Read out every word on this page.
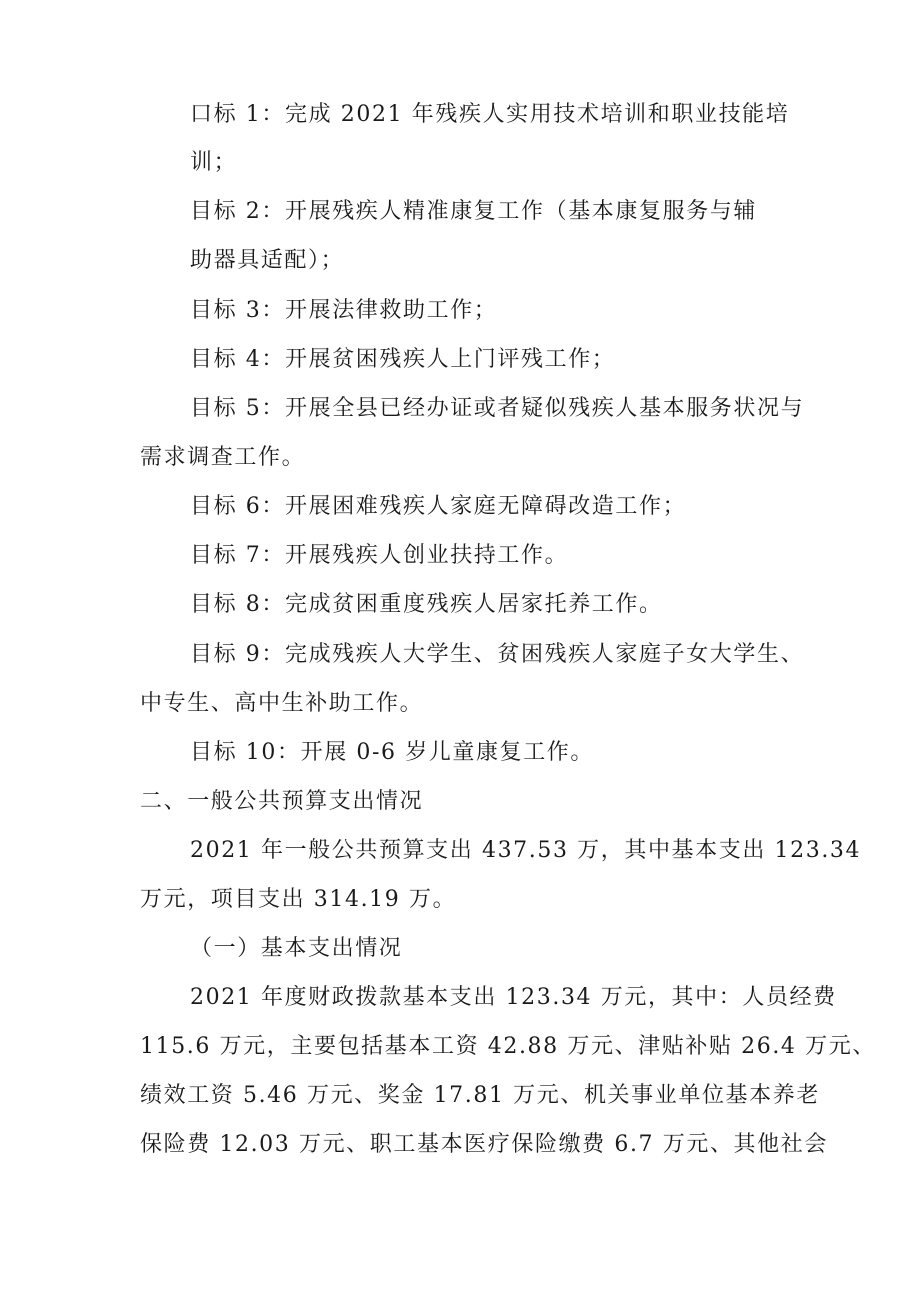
口标 1：完成 2021 年残疾人实用技术培训和职业技能培
训；
目标 2：开展残疾人精准康复工作（基本康复服务与辅
助器具适配）；
目标 3：开展法律救助工作；
目标 4：开展贫困残疾人上门评残工作；
目标 5：开展全县已经办证或者疑似残疾人基本服务状况与
需求调查工作。
目标 6：开展困难残疾人家庭无障碍改造工作；
目标 7：开展残疾人创业扶持工作。
目标 8：完成贫困重度残疾人居家托养工作。
目标 9：完成残疾人大学生、贫困残疾人家庭子女大学生、
中专生、高中生补助工作。
目标 10：开展 0-6 岁儿童康复工作。
二、一般公共预算支出情况
2021 年一般公共预算支出 437.53 万，其中基本支出 123.34
万元，项目支出 314.19 万。
（一）基本支出情况
2021 年度财政拨款基本支出 123.34 万元，其中：人员经费
115.6 万元，主要包括基本工资 42.88 万元、津贴补贴 26.4 万元、
绩效工资 5.46 万元、奖金 17.81 万元、机关事业单位基本养老
保险费 12.03 万元、职工基本医疗保险缴费 6.7 万元、其他社会
